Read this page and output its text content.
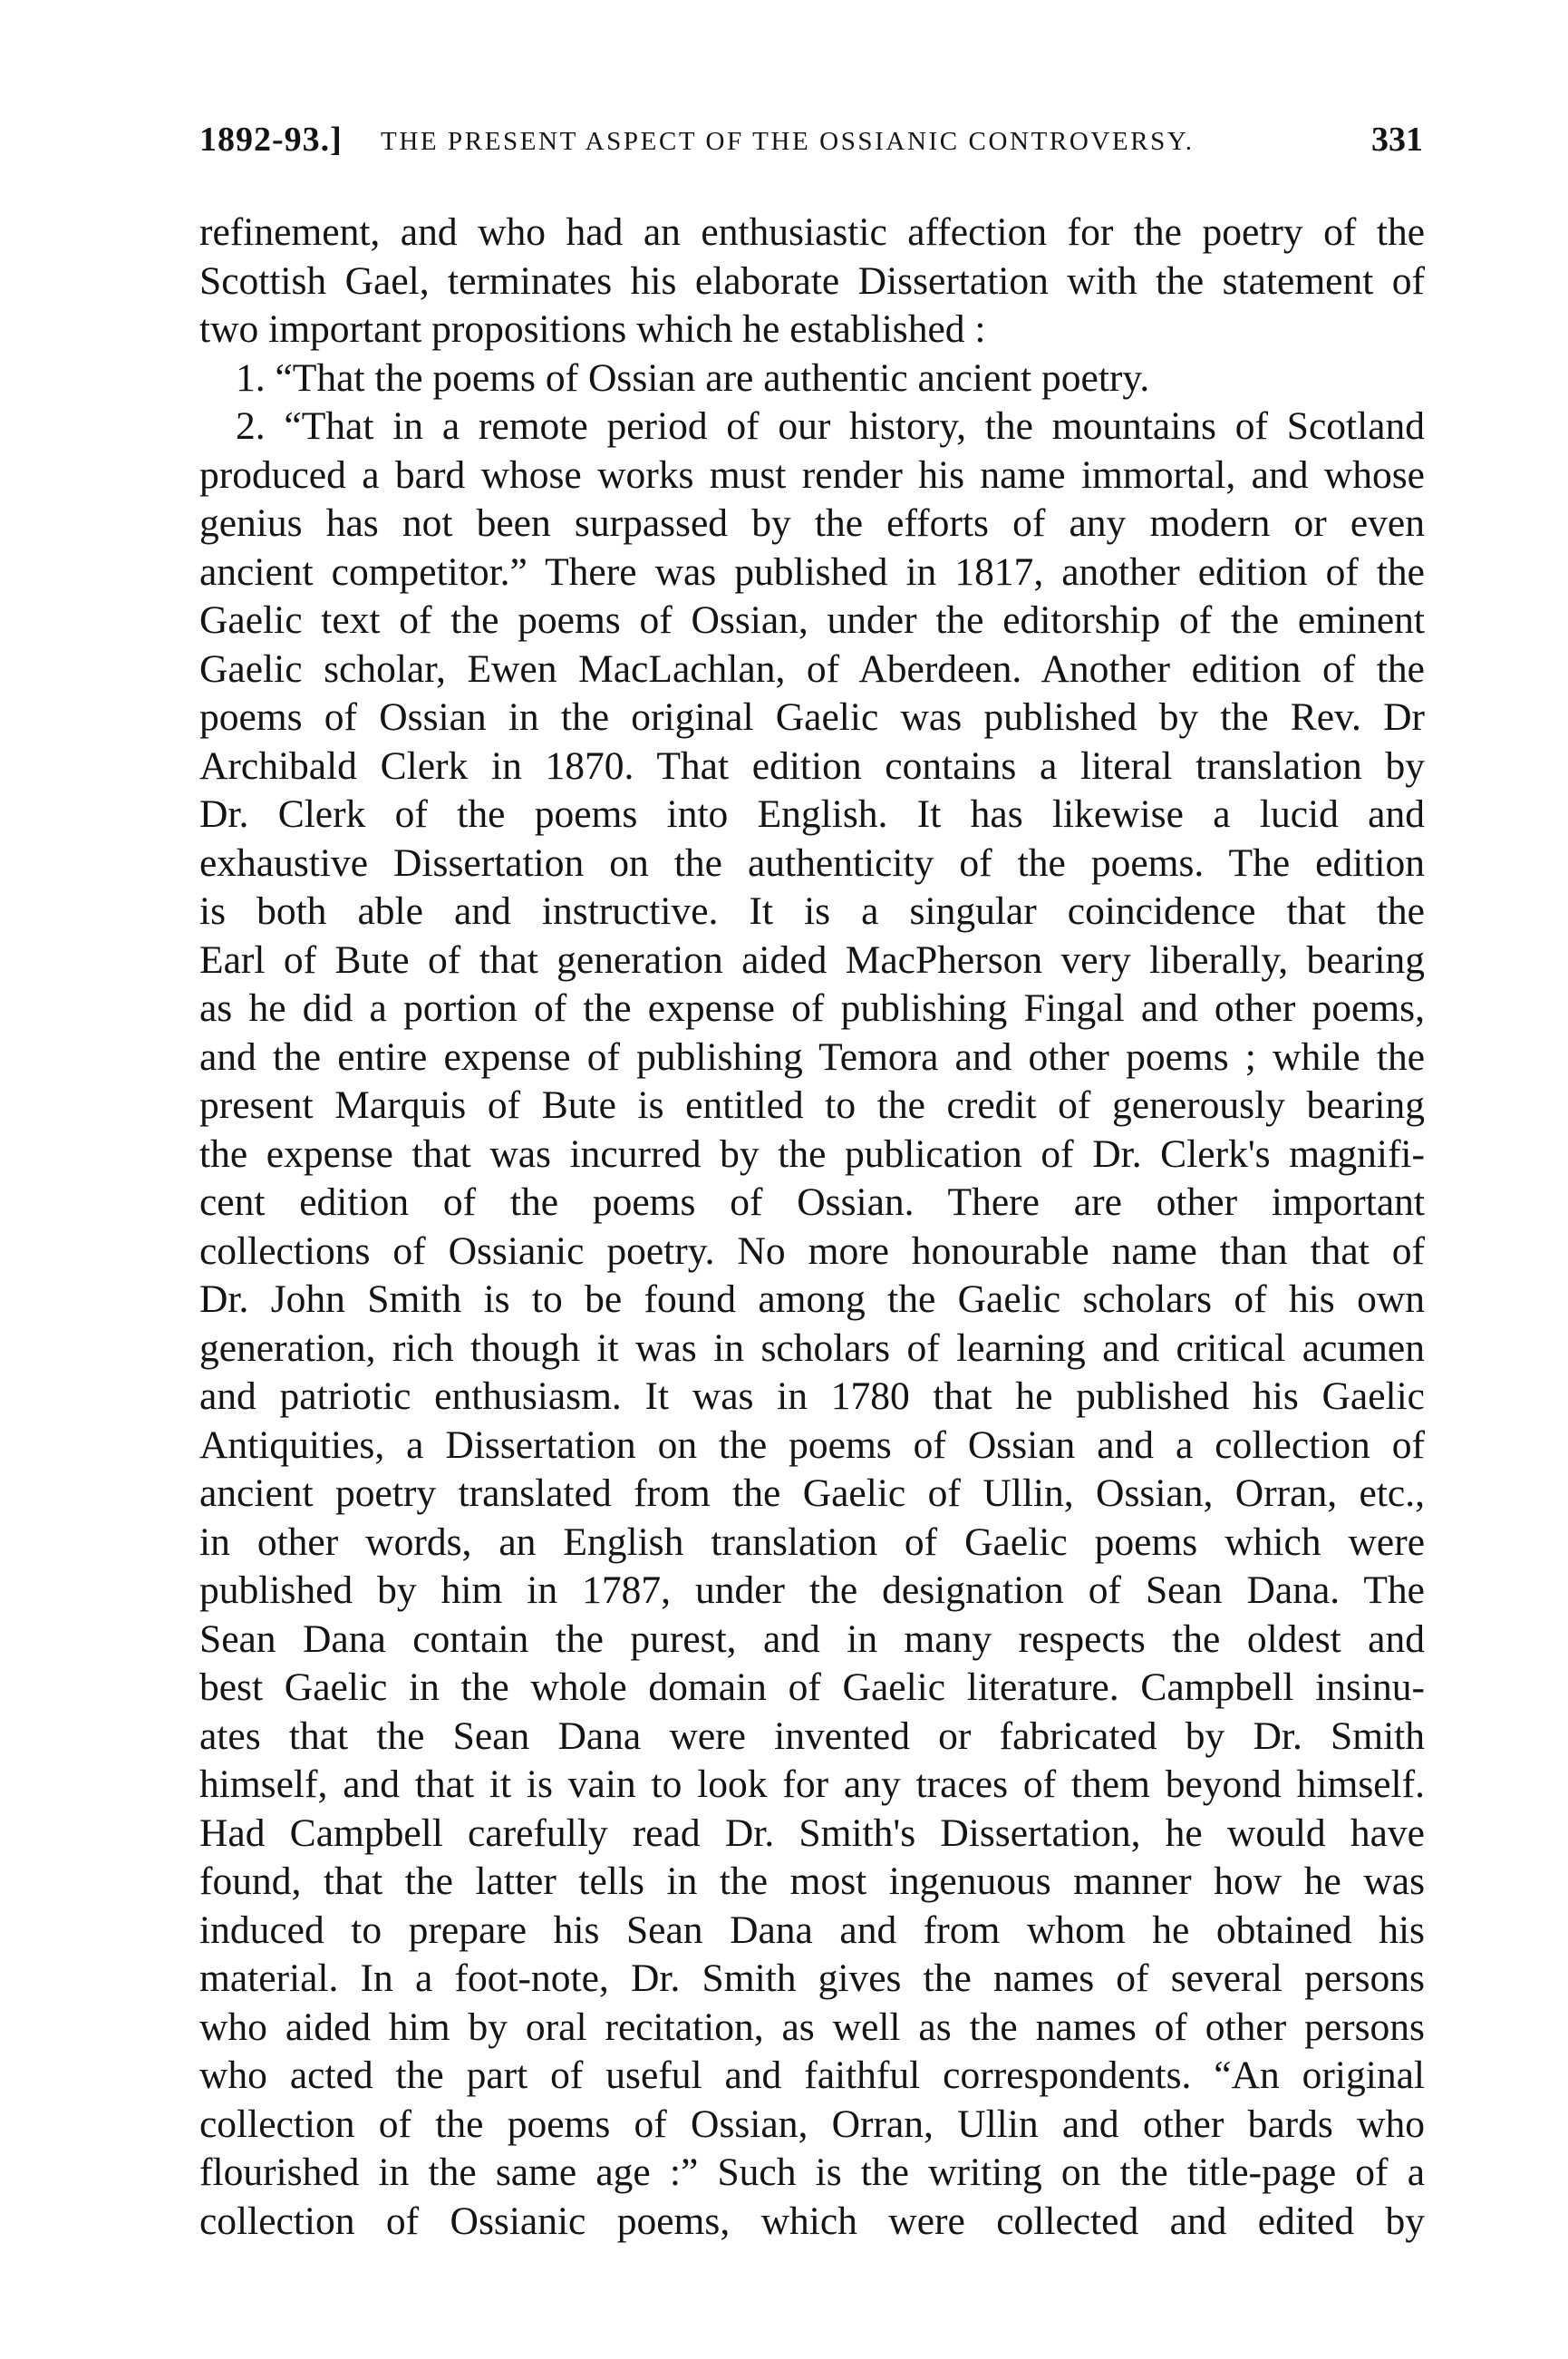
1892-93.] THE PRESENT ASPECT OF THE OSSIANIC CONTROVERSY.	331
refinement, and who had an enthusiastic affection for the poetry of the
Scottish Gael, terminates his elaborate Dissertation with the statement of
two important propositions which he established :
1. “That the poems of Ossian are authentic ancient poetry.
2. “That in a remote period of our history, the mountains of Scotland
produced a bard whose works must render his name immortal, and whose
genius has not been surpassed by the efforts of any modern or even
ancient competitor.” There was published in 1817, another edition of the
Gaelic text of the poems of Ossian, under the editorship of the eminent
Gaelic scholar, Ewen MacLachlan, of Aberdeen. Another edition of the
poems of Ossian in the original Gaelic was published by the Rev. Dr
Archibald Clerk in 1870. That edition contains a literal translation by
Dr. Clerk of the poems into English. It has likewise a lucid and
exhaustive Dissertation on the authenticity of the poems. The edition
is both able and instructive. It is a singular coincidence that the
Earl of Bute of that generation aided MacPherson very liberally, bearing
as he did a portion of the expense of publishing Fingal and other poems,
and the entire expense of publishing Temora and other poems ; while the
present Marquis of Bute is entitled to the credit of generously bearing
the expense that was incurred by the publication of Dr. Clerk's magnifi-
cent edition of the poems of Ossian. There are other important
collections of Ossianic poetry. No more honourable name than that of
Dr. John Smith is to be found among the Gaelic scholars of his own
generation, rich though it was in scholars of learning and critical acumen
and patriotic enthusiasm. It was in 1780 that he published his Gaelic
Antiquities, a Dissertation on the poems of Ossian and a collection of
ancient poetry translated from the Gaelic of Ullin, Ossian, Orran, etc.,
in other words, an English translation of Gaelic poems which were
published by him in 1787, under the designation of Sean Dana. The
Sean Dana contain the purest, and in many respects the oldest and
best Gaelic in the whole domain of Gaelic literature. Campbell insinu-
ates that the Sean Dana were invented or fabricated by Dr. Smith
himself, and that it is vain to look for any traces of them beyond himself.
Had Campbell carefully read Dr. Smith's Dissertation, he would have
found, that the latter tells in the most ingenuous manner how he was
induced to prepare his Sean Dana and from whom he obtained his
material. In a foot-note, Dr. Smith gives the names of several persons
who aided him by oral recitation, as well as the names of other persons
who acted the part of useful and faithful correspondents. “An original
collection of the poems of Ossian, Orran, Ullin and other bards who
flourished in the same age :” Such is the writing on the title-page of a
collection of Ossianic poems, which were collected and edited by
